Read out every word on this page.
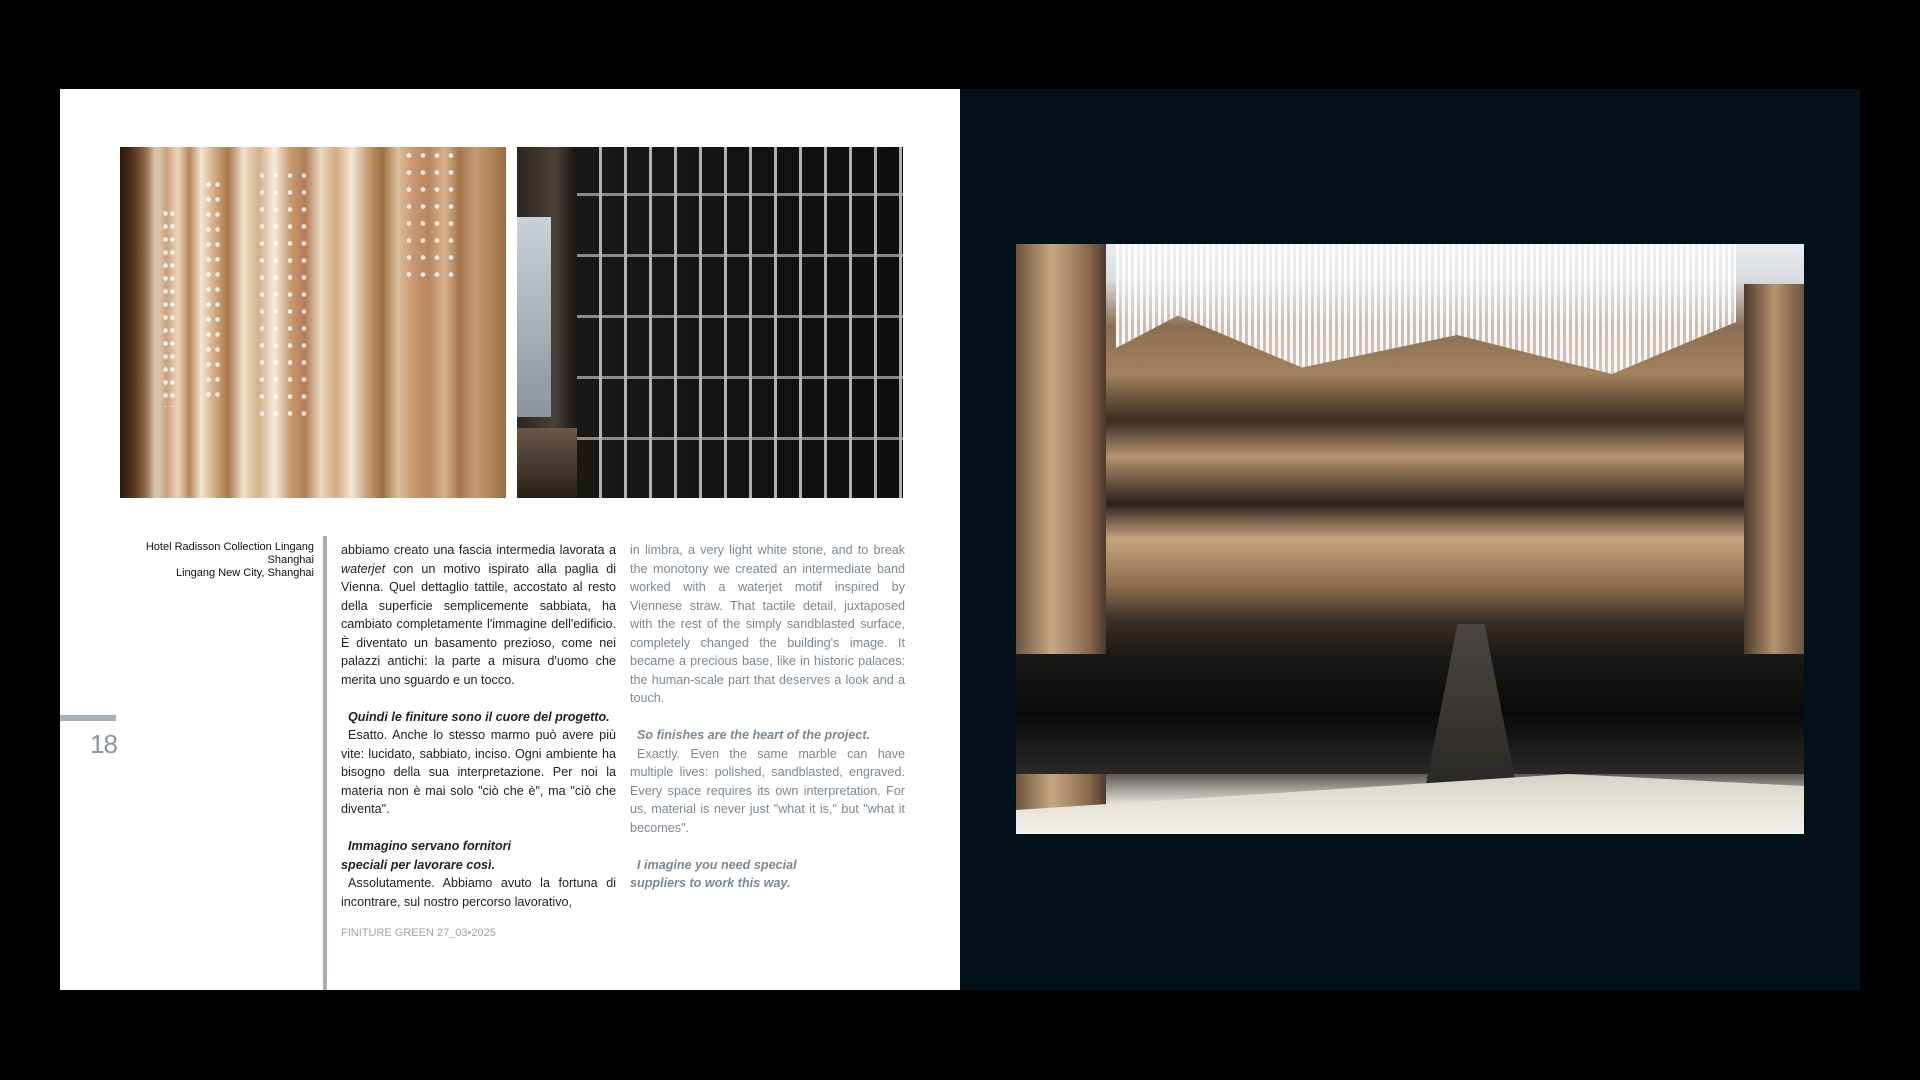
Hotel Radisson Collection Lingang
Shanghai
Lingang New City, Shanghai
18

abbiamo creato una fascia intermedia lavorata a waterjet con un motivo ispirato alla paglia di Vienna. Quel dettaglio tattile, accostato al resto della superficie semplicemente sabbiata, ha cambiato completamente l'immagine dell'edificio. È diventato un basamento prezioso, come nei palazzi antichi: la parte a misura d'uomo che merita uno sguardo e un tocco.

Quindi le finiture sono il cuore del progetto.

Esatto. Anche lo stesso marmo può avere più vite: lucidato, sabbiato, inciso. Ogni ambiente ha bisogno della sua interpretazione. Per noi la materia non è mai solo "ciò che è", ma "ciò che diventa".

Immagino servano fornitori

speciali per lavorare così.

Assolutamente. Abbiamo avuto la fortuna di incontrare, sul nostro percorso lavorativo,

in limbra, a very light white stone, and to break the monotony we created an intermediate band worked with a waterjet motif inspired by Viennese straw. That tactile detail, juxtaposed with the rest of the simply sandblasted surface, completely changed the building's image. It became a precious base, like in historic palaces: the human-scale part that deserves a look and a touch.

So finishes are the heart of the project.

Exactly. Even the same marble can have multiple lives: polished, sandblasted, engraved. Every space requires its own interpretation. For us, material is never just "what it is," but "what it becomes".

I imagine you need special

suppliers to work this way.

FINITURE GREEN 27_03•2025
